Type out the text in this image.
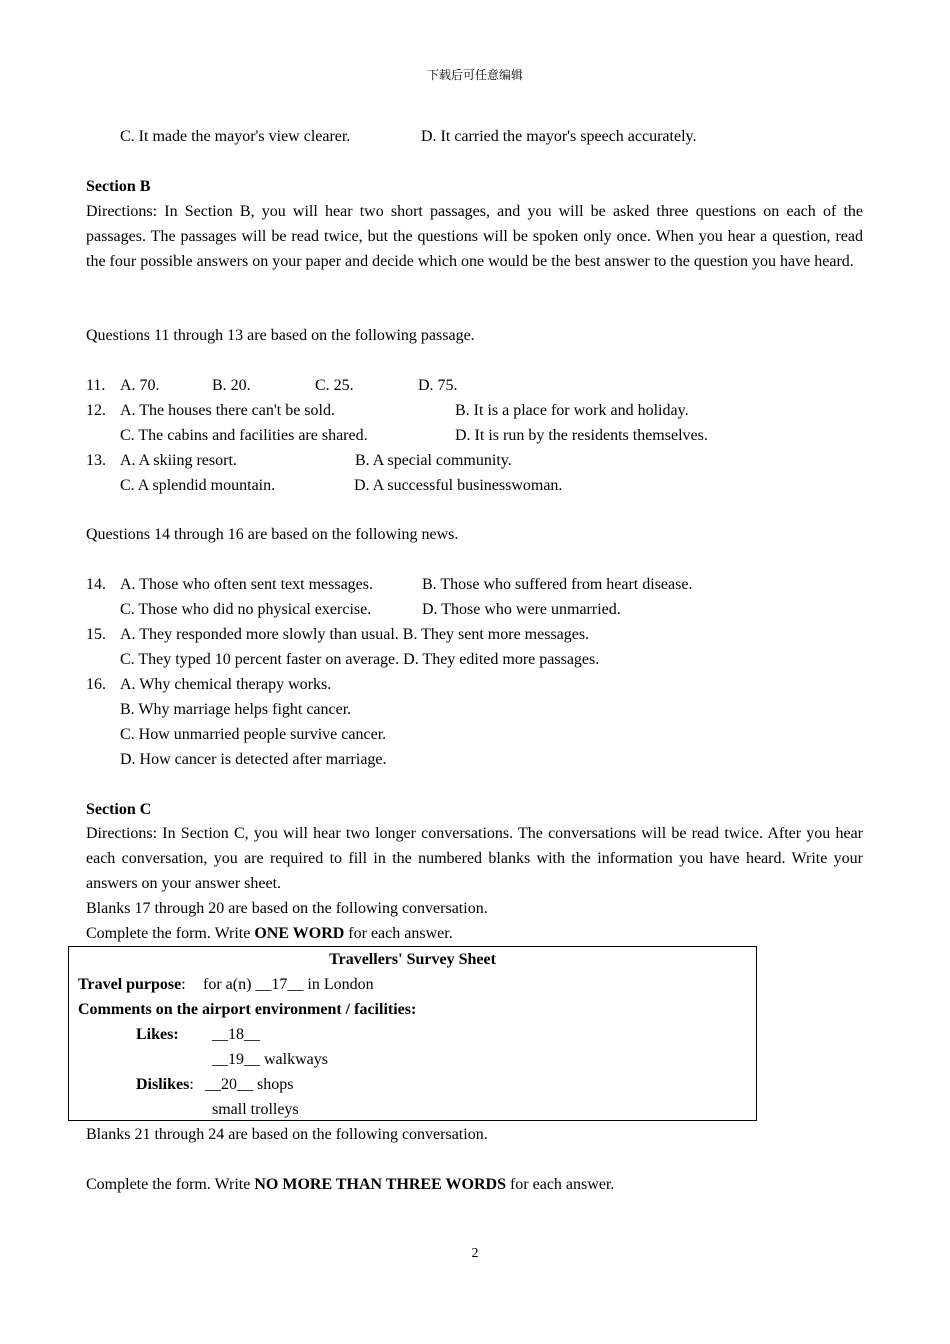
下载后可任意编辑
C. It made the mayor's view clearer.	D. It carried the mayor's speech accurately.
Section B
Directions: In Section B, you will hear two short passages, and you will be asked three questions on each of the passages. The passages will be read twice, but the questions will be spoken only once. When you hear a question, read the four possible answers on your paper and decide which one would be the best answer to the question you have heard.
Questions 11 through 13 are based on the following passage.
11. A. 70.	B. 20.	C. 25.	D. 75.
12. A. The houses there can't be sold.	B. It is a place for work and holiday.
C. The cabins and facilities are shared.	D. It is run by the residents themselves.
13. A. A skiing resort.	B. A special community.
C. A splendid mountain.	D. A successful businesswoman.
Questions 14 through 16 are based on the following news.
14. A. Those who often sent text messages.	B. Those who suffered from heart disease.
C. Those who did no physical exercise.	D. Those who were unmarried.
15. A. They responded more slowly than usual. B. They sent more messages.
C. They typed 10 percent faster on average. D. They edited more passages.
16. A. Why chemical therapy works.
B. Why marriage helps fight cancer.
C. How unmarried people survive cancer.
D. How cancer is detected after marriage.
Section C
Directions: In Section C, you will hear two longer conversations. The conversations will be read twice. After you hear each conversation, you are required to fill in the numbered blanks with the information you have heard. Write your answers on your answer sheet.
Blanks 17 through 20 are based on the following conversation.
Complete the form. Write ONE WORD for each answer.
Travellers' Survey Sheet
Travel purpose: for a(n) __17__ in London
Comments on the airport environment / facilities:
Likes: __18__
__19__ walkways
Dislikes: __20__ shops
small trolleys
Blanks 21 through 24 are based on the following conversation.
Complete the form. Write NO MORE THAN THREE WORDS for each answer.
2
